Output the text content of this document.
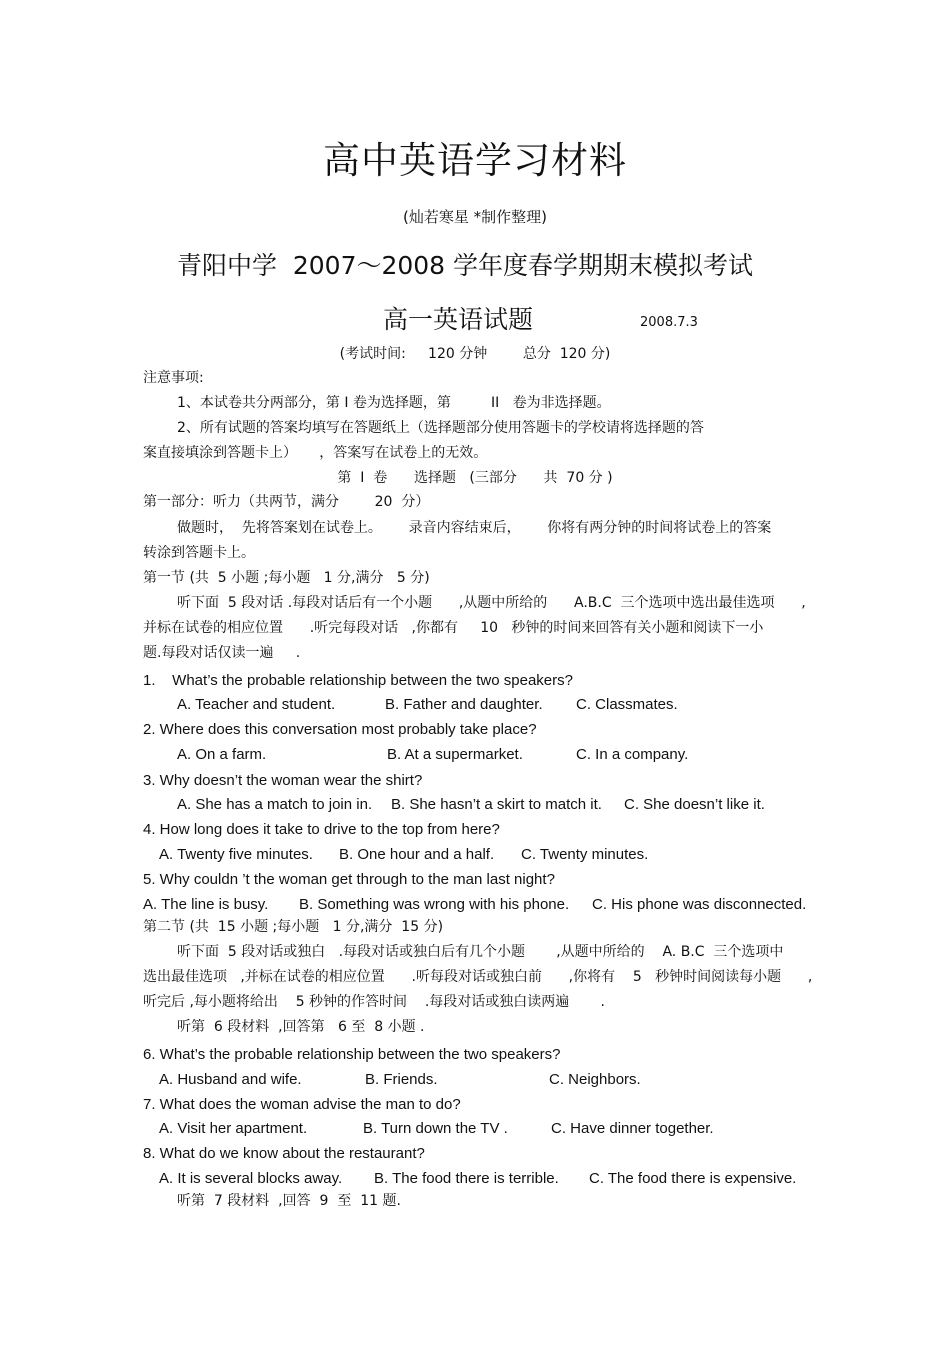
高中英语学习材料
(灿若寒星 *制作整理)
青阳中学  2007～2008 学年度春学期期末模拟考试
高一英语试题	2008.7.3
(考试时间:     120 分钟        总分  120 分)
注意事项:
1、本试卷共分两部分，第 I 卷为选择题，第         II   卷为非选择题。
2、所有试题的答案均填写在答题纸上（选择题部分使用答题卡的学校请将选择题的答
案直接填涂到答题卡上）     ，答案写在试卷上的无效。
第  I  卷      选择题   (三部分      共  70 分 )
第一部分：听力（共两节，满分        20  分）
做题时，  先将答案划在试卷上。      录音内容结束后，      你将有两分钟的时间将试卷上的答案
转涂到答题卡上。
第一节 (共  5 小题 ;每小题   1 分,满分   5 分)
听下面  5 段对话 .每段对话后有一个小题      ,从题中所给的      A.B.C  三个选项中选出最佳选项      ,
并标在试卷的相应位置      .听完每段对话   ,你都有     10   秒钟的时间来回答有关小题和阅读下一小
题.每段对话仅读一遍     .
1.    What’s the probable relationship between the two speakers?
A. Teacher and student.	B. Father and daughter. C. Classmates.
2. Where does this conversation most probably take place?
A. On a farm.	B. At a supermarket.	C. In a company.
3. Why doesn’t the woman wear the shirt?
A. She has a match to join in. B. She hasn’t a skirt to match it. C. She doesn’t like it.
4. How long does it take to drive to the top from here?
A. Twenty five minutes. B. One hour and a half. C. Twenty minutes.
5. Why couldn ’t the woman get through to the man last night?
A. The line is busy. B. Something was wrong with his phone. C. His phone was disconnected.
第二节 (共  15 小题 ;每小题   1 分,满分  15 分)
听下面  5 段对话或独白   .每段对话或独白后有几个小题       ,从题中所给的    A. B.C  三个选项中
选出最佳选项   ,并标在试卷的相应位置      .听每段对话或独白前      ,你将有    5   秒钟时间阅读每小题      ,
听完后 ,每小题将给出    5 秒钟的作答时间    .每段对话或独白读两遍       .
听第  6 段材料  ,回答第   6 至  8 小题 .
6. What’s the probable relationship between the two speakers?
A. Husband and wife.	B. Friends.	C. Neighbors.
7. What does the woman advise the man to do?
A. Visit her apartment.	B. Turn down the TV .	C. Have dinner together.
8. What do we know about the restaurant?
A. It is several blocks away. B. The food there is terrible. C. The food there is expensive.
听第  7 段材料  ,回答  9  至  11 题.
